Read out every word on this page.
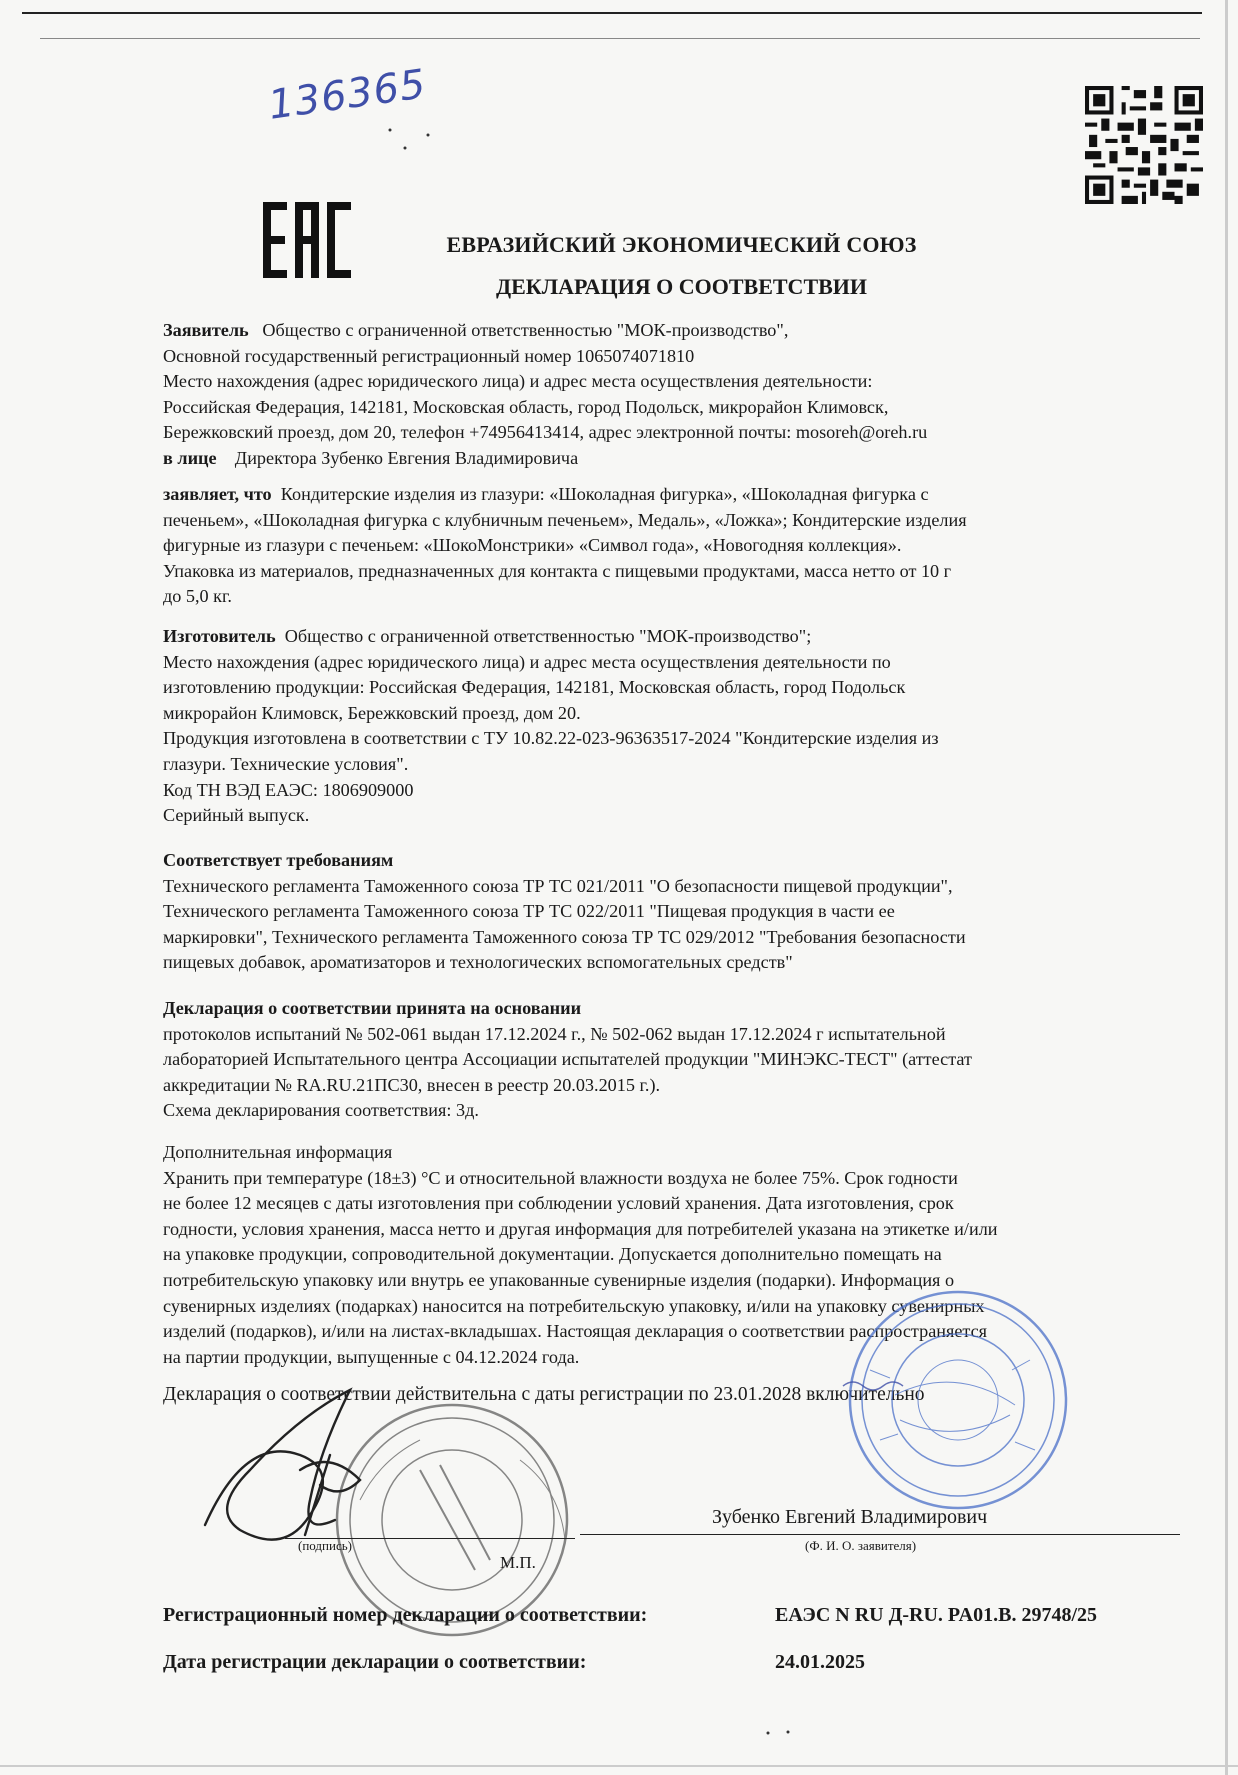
136365
ЕВРАЗИЙСКИЙ ЭКОНОМИЧЕСКИЙ СОЮЗ
ДЕКЛАРАЦИЯ О СООТВЕТСТВИИ

Заявитель Общество с ограниченной ответственностью "МОК-производство",

Основной государственный регистрационный номер 1065074071810

Место нахождения (адрес юридического лица) и адрес места осуществления деятельности:

Российская Федерация, 142181, Московская область, город Подольск, микрорайон Климовск,

Бережковский проезд, дом 20, телефон +74956413414, адрес электронной почты: mosoreh@oreh.ru

в лице Директора Зубенко Евгения Владимировича

заявляет, что Кондитерские изделия из глазури: «Шоколадная фигурка», «Шоколадная фигурка с

печеньем», «Шоколадная фигурка с клубничным печеньем», Медаль», «Ложка»; Кондитерские изделия

фигурные из глазури с печеньем: «ШокоМонстрики» «Символ года», «Новогодняя коллекция».

Упаковка из материалов, предназначенных для контакта с пищевыми продуктами, масса нетто от 10 г

до 5,0 кг.

Изготовитель Общество с ограниченной ответственностью "МОК-производство";

Место нахождения (адрес юридического лица) и адрес места осуществления деятельности по

изготовлению продукции: Российская Федерация, 142181, Московская область, город Подольск

микрорайон Климовск, Бережковский проезд, дом 20.

Продукция изготовлена в соответствии с ТУ 10.82.22-023-96363517-2024 "Кондитерские изделия из

глазури. Технические условия".

Код ТН ВЭД ЕАЭС: 1806909000

Серийный выпуск.

Соответствует требованиям

Технического регламента Таможенного союза ТР ТС 021/2011 "О безопасности пищевой продукции",

Технического регламента Таможенного союза ТР ТС 022/2011 "Пищевая продукция в части ее

маркировки", Технического регламента Таможенного союза ТР ТС 029/2012 "Требования безопасности

пищевых добавок, ароматизаторов и технологических вспомогательных средств"

Декларация о соответствии принята на основании

протоколов испытаний № 502-061 выдан 17.12.2024 г., № 502-062 выдан 17.12.2024 г испытательной

лабораторией Испытательного центра Ассоциации испытателей продукции "МИНЭКС-ТЕСТ" (аттестат

аккредитации № RA.RU.21ПС30, внесен в реестр 20.03.2015 г.).

Схема декларирования соответствия: 3д.

Дополнительная информация

Хранить при температуре (18±3) °С и относительной влажности воздуха не более 75%. Срок годности

не более 12 месяцев с даты изготовления при соблюдении условий хранения. Дата изготовления, срок

годности, условия хранения, масса нетто и другая информация для потребителей указана на этикетке и/или

на упаковке продукции, сопроводительной документации. Допускается дополнительно помещать на

потребительскую упаковку или внутрь ее упакованные сувенирные изделия (подарки). Информация о

сувенирных изделиях (подарках) наносится на потребительскую упаковку, и/или на упаковку сувенирных

изделий (подарков), и/или на листах-вкладышах. Настоящая декларация о соответствии распространяется

на партии продукции, выпущенные с 04.12.2024 года.

Декларация о соответствии действительна с даты регистрации по 23.01.2028 включительно

(подпись)
М.П.
Зубенко Евгений Владимирович
(Ф. И. О. заявителя)
Регистрационный номер декларации о соответствии:	ЕАЭС N RU Д-RU. PA01.B. 29748/25
Дата регистрации декларации о соответствии:	24.01.2025
